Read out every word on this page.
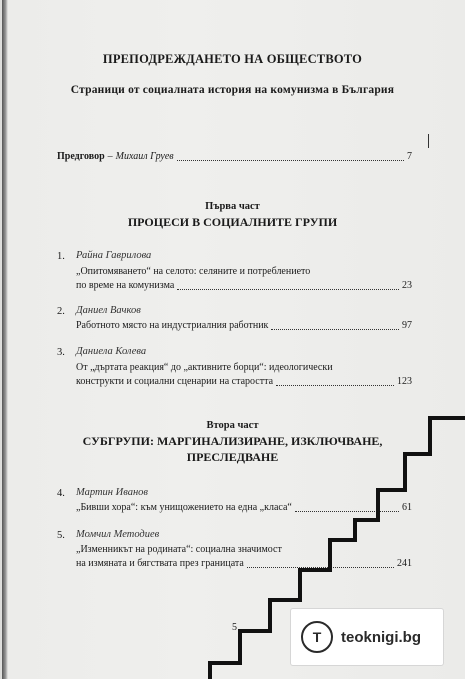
ПРЕПОДРЕЖДАНЕТО НА ОБЩЕСТВОТО
Страници от социалната история на комунизма в България
Предговор – Михаил Груев	7
Първа част
ПРОЦЕСИ В СОЦИАЛНИТЕ ГРУПИ
1. Райна Гаврилова
„Опитомяването“ на селото: селяните и потреблението
по време на комунизма	23
2. Даниел Вачков
Работното място на индустриалния работник	97
3. Даниела Колева
От „дъртата реакция“ до „активните борци“: идеологически
конструкти и социални сценарии на старостта	123
Втора част
СУБГРУПИ: МАРГИНАЛИЗИРАНЕ, ИЗКЛЮЧВАНЕ,
ПРЕСЛЕДВАНЕ
4. Мартин Иванов
„Бивши хора“: към унищожението на една „класа“	61
5. Момчил Методиев
„Изменникът на родината“: социална значимост
на измяната и бягствата през границата	241
5
T	teoknigi.bg
